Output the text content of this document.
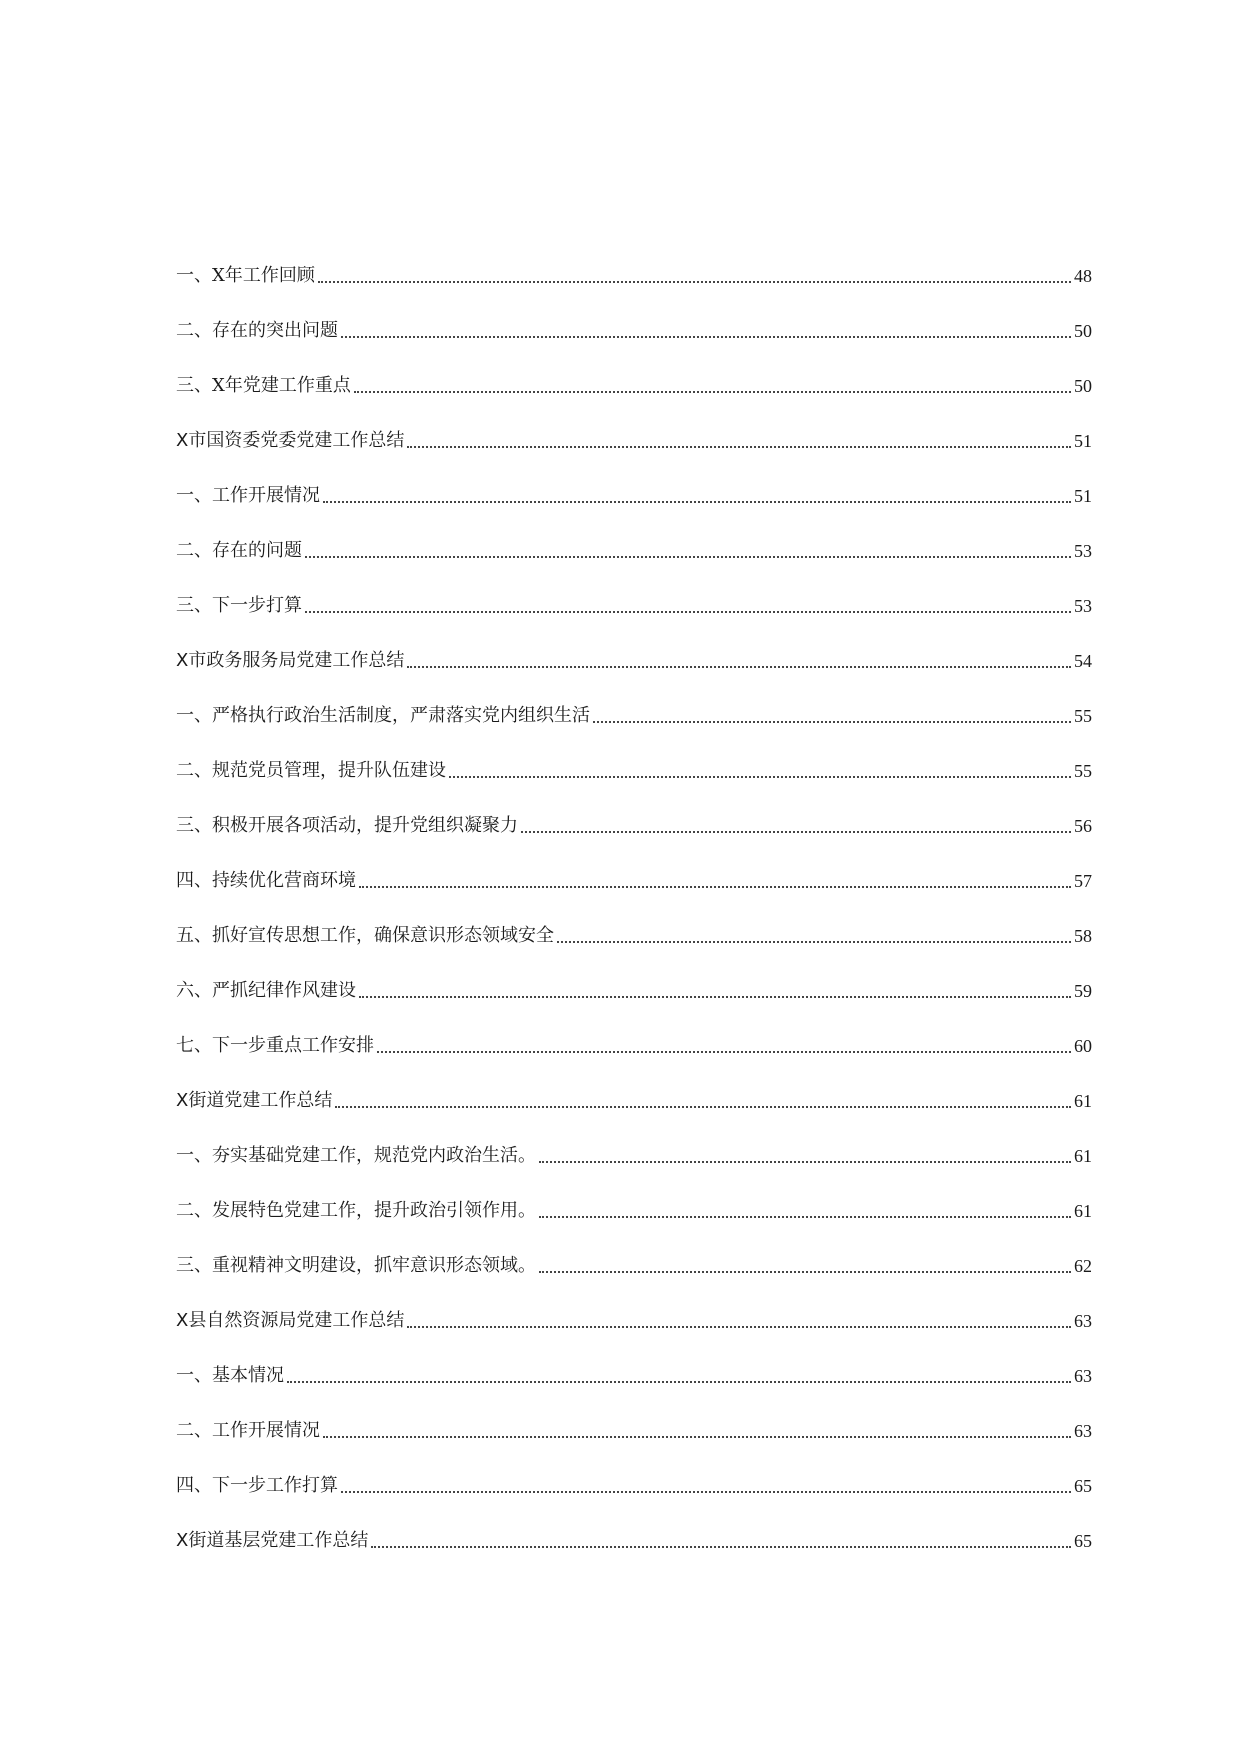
一、X年工作回顾	48
二、存在的突出问题	50
三、X年党建工作重点	50
X市国资委党委党建工作总结	51
一、工作开展情况	51
二、存在的问题	53
三、下一步打算	53
X市政务服务局党建工作总结	54
一、严格执行政治生活制度，严肃落实党内组织生活	55
二、规范党员管理，提升队伍建设	55
三、积极开展各项活动，提升党组织凝聚力	56
四、持续优化营商环境	57
五、抓好宣传思想工作，确保意识形态领域安全	58
六、严抓纪律作风建设	59
七、下一步重点工作安排	60
X街道党建工作总结	61
一、夯实基础党建工作，规范党内政治生活。	61
二、发展特色党建工作，提升政治引领作用。	61
三、重视精神文明建设，抓牢意识形态领域。	62
X县自然资源局党建工作总结	63
一、基本情况	63
二、工作开展情况	63
四、下一步工作打算	65
X街道基层党建工作总结	65
